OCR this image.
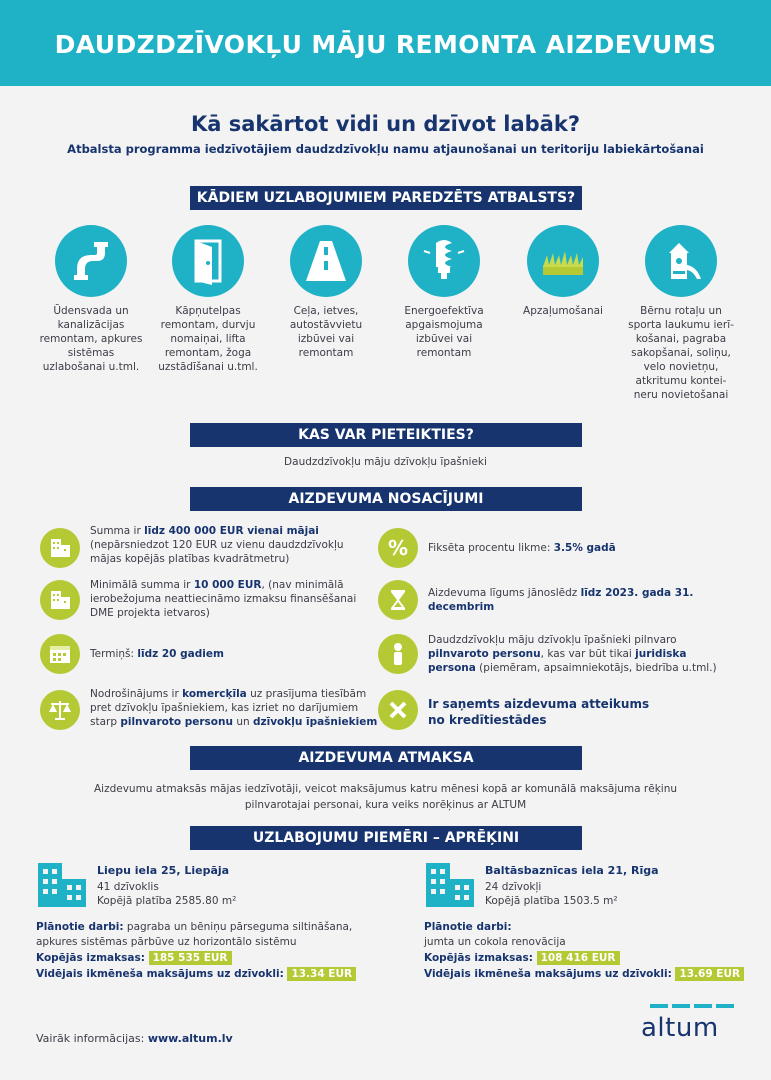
DAUDZDZĪVOKĻU MĀJU REMONTA AIZDEVUMS
Kā sakārtot vidi un dzīvot labāk?
Atbalsta programma iedzīvotājiem daudzdzīvokļu namu atjaunošanai un teritoriju labiekārtošanai
KĀDIEM UZLABOJUMIEM PAREDZĒTS ATBALSTS?
Ūdensvada un kanalizācijas remontam, apkures sistēmas uzlabošanai u.tml.
Kāpņutelpas remontam, durvju nomaiņai, lifta remontam, žoga uzstādīšanai u.tml.
Ceļa, ietves, autostāvvietu izbūvei vai remontam
Energoefektīva apgaismojuma izbūvei vai remontam
Apzaļumošanai	Bērnu rotaļu un sporta laukumu ierī-košanai, pagraba sakopšanai, soliņu, velo novietņu, atkritumu kontei-neru novietošanai
KAS VAR PIETEIKTIES?
Daudzdzīvokļu māju dzīvokļu īpašnieki
AIZDEVUMA NOSACĪJUMI
Summa ir līdz 400 000 EUR vienai mājai (nepārsniedzot 120 EUR uz vienu daudzdzīvokļu mājas kopējās platības kvadrātmetru)	% Fiksēta procentu likme: 3.5% gadā
Minimālā summa ir 10 000 EUR, (nav minimālā ierobežojuma neattiecināmo izmaksu finansēšanai DME projekta ietvaros)
Aizdevuma līgums jānoslēdz līdz 2023. gada 31. decembrim
Termiņš: līdz 20 gadiem
Daudzdzīvokļu māju dzīvokļu īpašnieki pilnvaro pilnvaroto personu, kas var būt tikai juridiska persona (piemēram, apsaimniekotājs, biedrība u.tml.)
Nodrošinājums ir komercķīla uz prasījuma tiesībām pret dzīvokļu īpašniekiem, kas izriet no darījumiem starp pilnvaroto personu un dzīvokļu īpašniekiem
Ir saņemts aizdevuma atteikums no kredītiestādes
AIZDEVUMA ATMAKSA
Aizdevumu atmaksās mājas iedzīvotāji, veicot maksājumus katru mēnesi kopā ar komunālā maksājuma rēķinu
pilnvarotajai personai, kura veiks norēķinus ar ALTUM
UZLABOJUMU PIEMĒRI – APRĒĶINI
Liepu iela 25, Liepāja
41 dzīvoklis
Kopējā platība 2585.80 m²
Plānotie darbi: pagraba un bēniņu pārseguma siltināšana,
apkures sistēmas pārbūve uz horizontālo sistēmu
Kopējās izmaksas: 185 535 EUR
Vidējais ikmēneša maksājums uz dzīvokli: 13.34 EUR
Baltāsbaznīcas iela 21, Rīga
24 dzīvokļi
Kopējā platība 1503.5 m²
Plānotie darbi:
jumta un cokola renovācija
Kopējās izmaksas: 108 416 EUR
Vidējais ikmēneša maksājums uz dzīvokli: 13.69 EUR
Vairāk informācijas: www.altum.lv	altum
